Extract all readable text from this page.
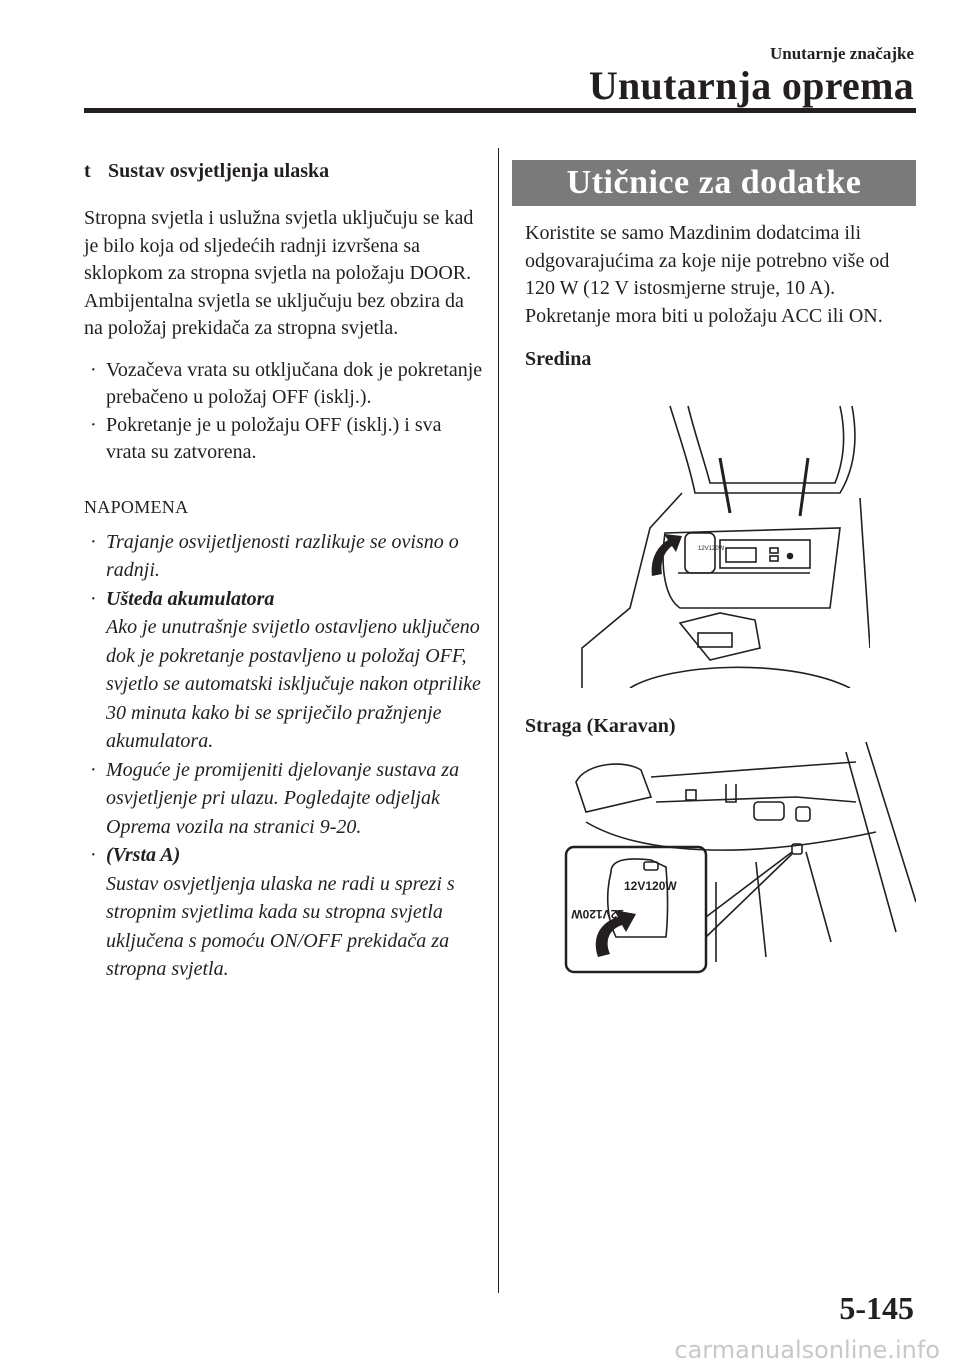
Unutarnje značajke
Unutarnja oprema
t Sustav osvjetljenja ulaska

Stropna svjetla i uslužna svjetla uključuju se kad je bilo koja od sljedećih radnji izvršena sa sklopkom za stropna svjetla na položaju DOOR.

Ambijentalna svjetla se uključuju bez obzira da na položaj prekidača za stropna svjetla.

· Vozačeva vrata su otključana dok je pokretanje prebačeno u položaj OFF (isklj.).
· Pokretanje je u položaju OFF (isklj.) i sva vrata su zatvorena.
NAPOMENA
· Trajanje osvijetljenosti razlikuje se ovisno o radnji.
· Ušteda akumulatora
Ako je unutrašnje svijetlo ostavljeno uključeno dok je pokretanje postavljeno u položaj OFF, svjetlo se automatski isključuje nakon otprilike 30 minuta kako bi se spriječilo pražnjenje akumulatora.
· Moguće je promijeniti djelovanje sustava za osvjetljenje pri ulazu. Pogledajte odjeljak Oprema vozila na stranici 9-20.
· (Vrsta A)
Sustav osvjetljenja ulaska ne radi u sprezi s stropnim svjetlima kada su stropna svjetla uključena s pomoću ON/OFF prekidača za stropna svjetla.
Utičnice za dodatke

Koristite se samo Mazdinim dodatcima ili odgovarajućima za koje nije potrebno više od 120 W (12 V istosmjerne struje, 10 A). Pokretanje mora biti u položaju ACC ili ON.

Sredina
12V120W
Straga (Karavan)
12V120W
12V120W
5-145
carmanualsonline.info
